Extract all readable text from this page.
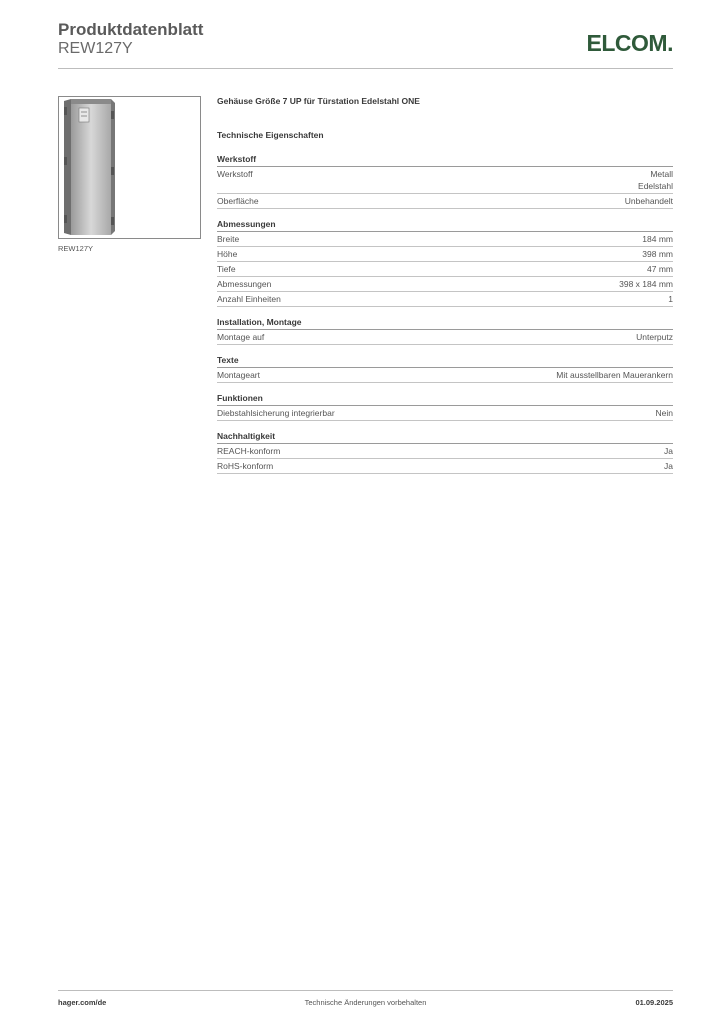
Produktdatenblatt
REW127Y	ELCOM.
REW127Y
Gehäuse Größe 7 UP für Türstation Edelstahl ONE
Technische Eigenschaften
Werkstoff
Werkstoff	Metall
Edelstahl
Oberfläche	Unbehandelt
Abmessungen
Breite	184 mm
Höhe	398 mm
Tiefe	47 mm
Abmessungen	398 x 184 mm
Anzahl Einheiten	1
Installation, Montage
Montage auf	Unterputz
Texte
Montageart	Mit ausstellbaren Mauerankern
Funktionen
Diebstahlsicherung integrierbar	Nein
Nachhaltigkeit
REACH-konform	Ja
RoHS-konform	Ja
hager.com/de	Technische Änderungen vorbehalten	01.09.2025
